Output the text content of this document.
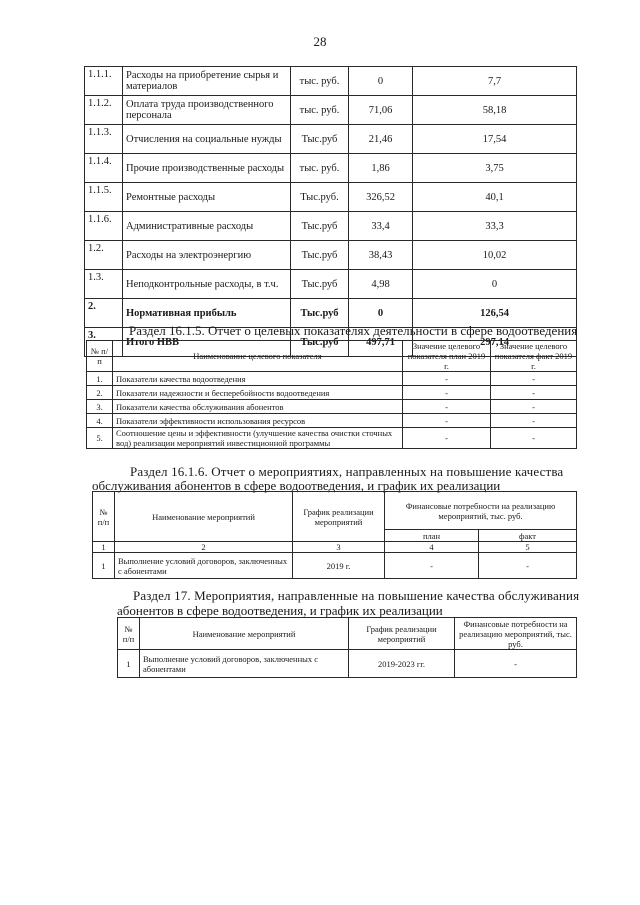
28
1.1.1.	Расходы на приобретение сырья и материалов	тыс. руб.	0	7,7
1.1.2.	Оплата труда производственного персонала	тыс. руб.	71,06	58,18
1.1.3.	Отчисления на социальные нужды	Тыс.руб	21,46	17,54
1.1.4.	Прочие производственные расходы	тыс. руб.	1,86	3,75
1.1.5.	Ремонтные расходы	Тыс.руб.	326,52	40,1
1.1.6.	Административные расходы	Тыс.руб	33,4	33,3
1.2.	Расходы на электроэнергию	Тыс.руб	38,43	10,02
1.3.	Неподконтрольные расходы, в т.ч.	Тыс.руб	4,98	0
2.	Нормативная прибыль	Тыс.руб	0	126,54
3.	Итого НВВ	Тыс.руб	497,71	297,14
Раздел 16.1.5. Отчет о целевых показателях деятельности в сфере водоотведения
№ п/п	Наименование целевого показателя	Значение целевого показателя план 2019 г.	Значение целевого показателя факт 2019 г.
1.	Показатели качества водоотведения	-	-
2.	Показатели надежности и бесперебойности водоотведения	-	-
3.	Показатели качества обслуживания абонентов	-	-
4.	Показатели эффективности использования ресурсов	-	-
5.	Соотношение цены и эффективности (улучшение качества очистки сточных вод) реализации мероприятий инвестиционной программы	-	-
Раздел 16.1.6. Отчет о мероприятиях, направленных на повышение качества
обслуживания абонентов в сфере водоотведения, и график их реализации
№ п/п	Наименование мероприятий	График реализации мероприятий	Финансовые потребности на реализацию мероприятий, тыс. руб.	
			план	факт
1	2	3	4	5
1	Выполнение условий договоров, заключенных с абонентами	2019 г.	-	-
Раздел 17. Мероприятия, направленные на повышение качества обслуживания
абонентов в сфере водоотведения, и график их реализации
№ п/п	Наименование мероприятий	График реализации мероприятий	Финансовые потребности на реализацию мероприятий, тыс. руб.
1	Выполнение условий договоров, заключенных с абонентами	2019-2023 гг.	-
